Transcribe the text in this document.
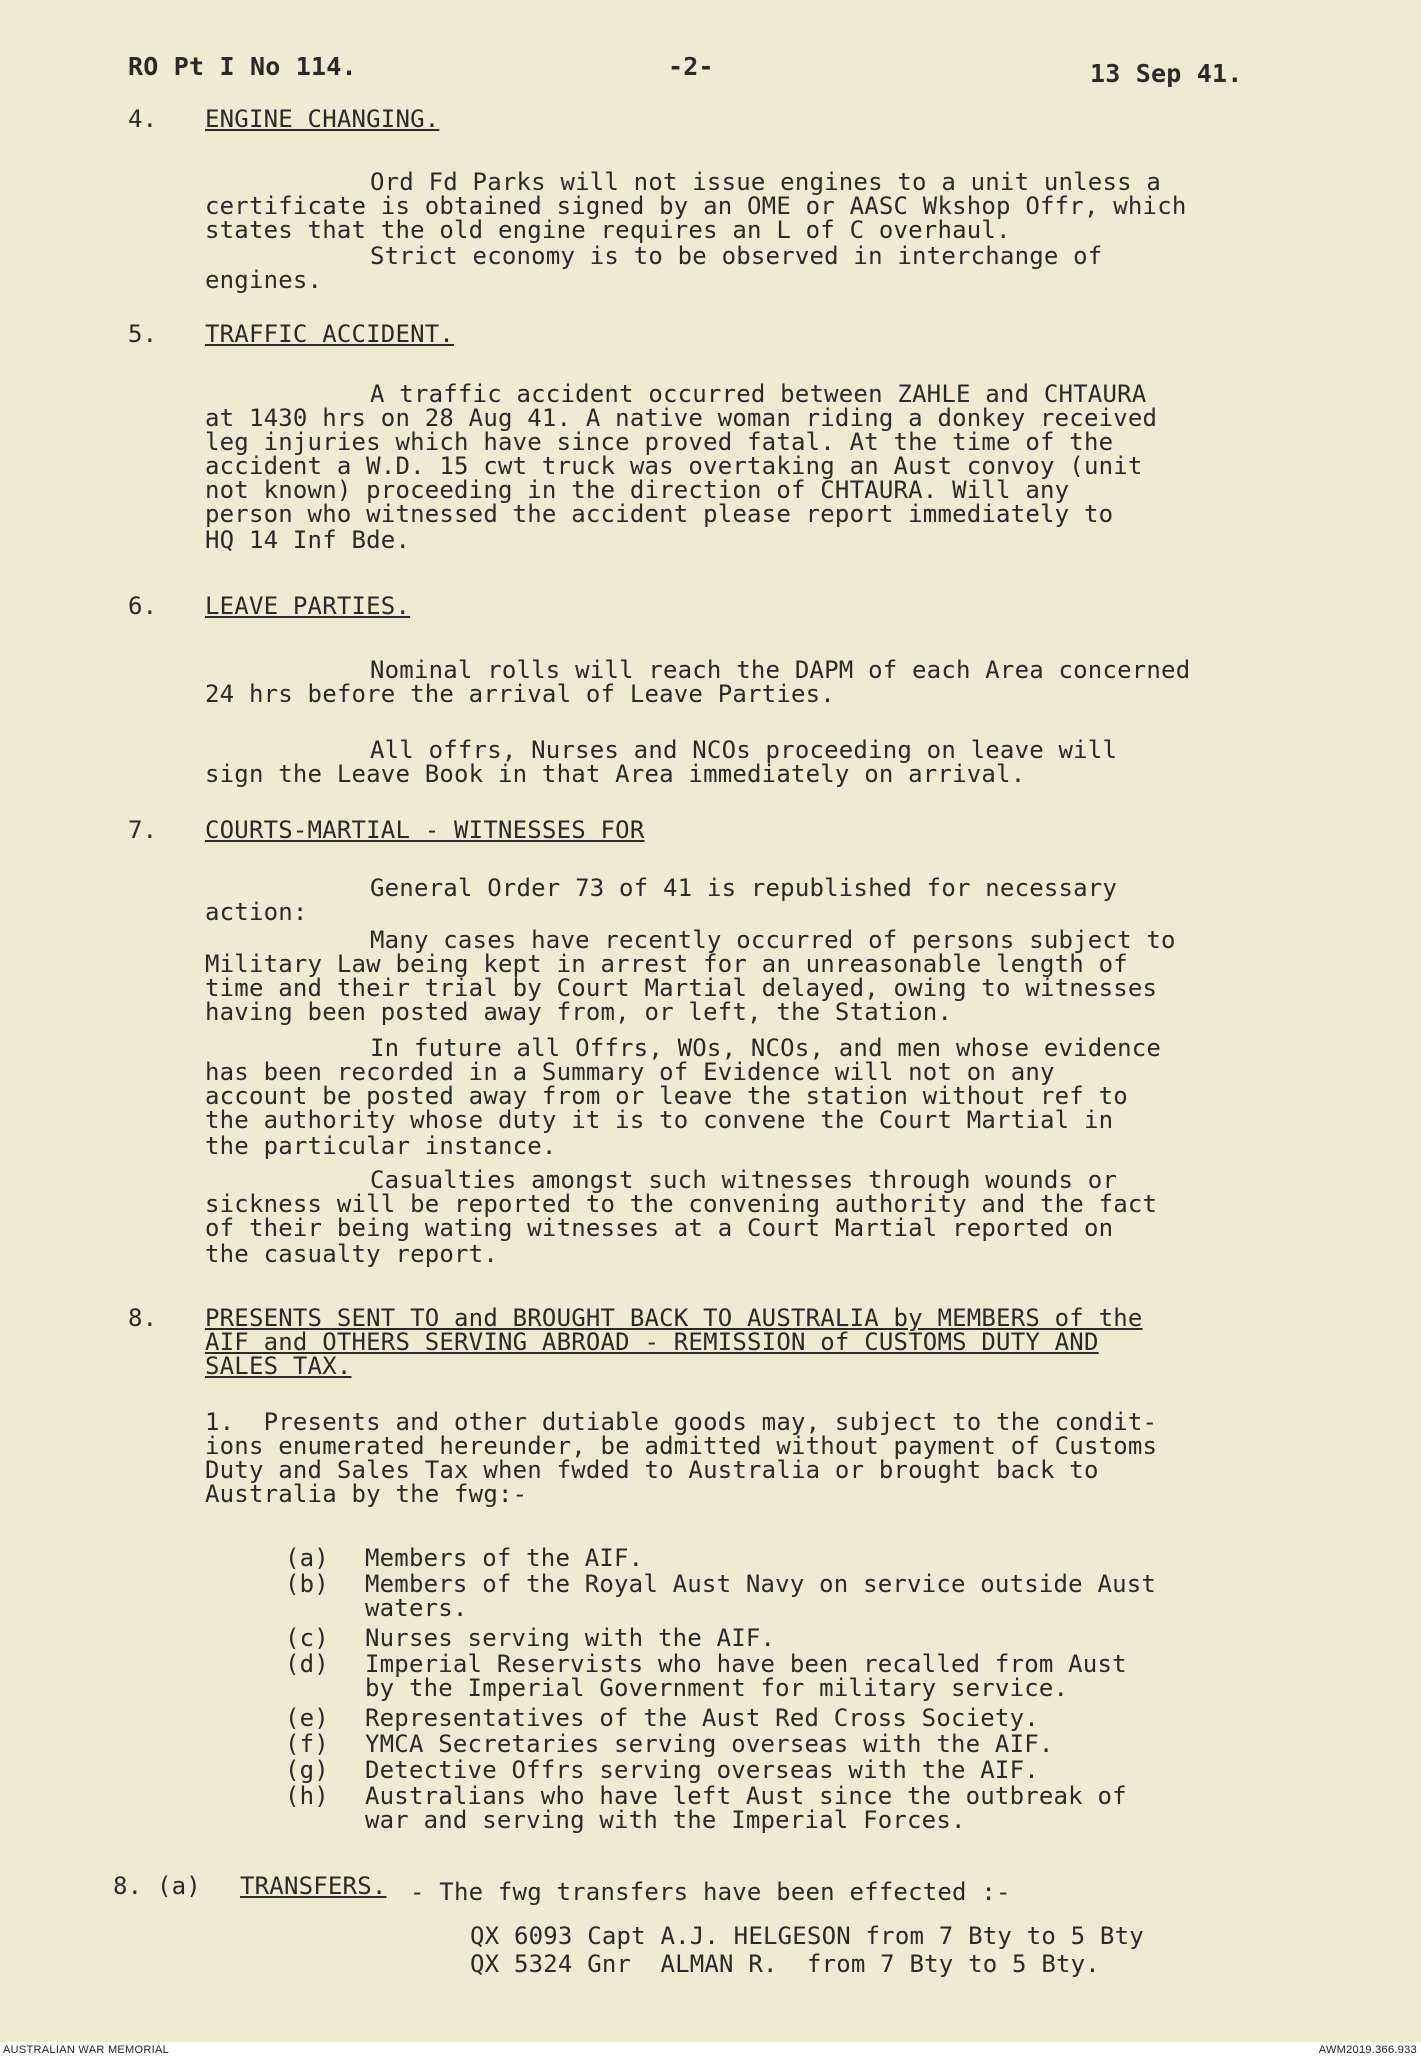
RO Pt I No 114.	-2-	13 Sep 41.
4. ENGINE CHANGING.
Ord Fd Parks will not issue engines to a unit unless a
certificate is obtained signed by an OME or AASC Wkshop Offr, which
states that the old engine requires an L of C overhaul.
Strict economy is to be observed in interchange of
engines.
5. TRAFFIC ACCIDENT.
A traffic accident occurred between ZAHLE and CHTAURA
at 1430 hrs on 28 Aug 41. A native woman riding a donkey received
leg injuries which have since proved fatal. At the time of the
accident a W.D. 15 cwt truck was overtaking an Aust convoy (unit
not known) proceeding in the direction of CHTAURA. Will any
person who witnessed the accident please report immediately to
HQ 14 Inf Bde.
6. LEAVE PARTIES.
Nominal rolls will reach the DAPM of each Area concerned
24 hrs before the arrival of Leave Parties.
All offrs, Nurses and NCOs proceeding on leave will
sign the Leave Book in that Area immediately on arrival.
7. COURTS-MARTIAL - WITNESSES FOR
General Order 73 of 41 is republished for necessary
action:
Many cases have recently occurred of persons subject to
Military Law being kept in arrest for an unreasonable length of
time and their trial by Court Martial delayed, owing to witnesses
having been posted away from, or left, the Station.
In future all Offrs, WOs, NCOs, and men whose evidence
has been recorded in a Summary of Evidence will not on any
account be posted away from or leave the station without ref to
the authority whose duty it is to convene the Court Martial in
the particular instance.
Casualties amongst such witnesses through wounds or
sickness will be reported to the convening authority and the fact
of their being wating witnesses at a Court Martial reported on
the casualty report.
8. PRESENTS SENT TO and BROUGHT BACK TO AUSTRALIA by MEMBERS of the
AIF and OTHERS SERVING ABROAD - REMISSION of CUSTOMS DUTY AND
SALES TAX.
1.  Presents and other dutiable goods may, subject to the condit-
ions enumerated hereunder, be admitted without payment of Customs
Duty and Sales Tax when fwded to Australia or brought back to
Australia by the fwg:-
(a) Members of the AIF.
(b) Members of the Royal Aust Navy on service outside Aust
waters.
(c) Nurses serving with the AIF.
(d) Imperial Reservists who have been recalled from Aust
by the Imperial Government for military service.
(e) Representatives of the Aust Red Cross Society.
(f) YMCA Secretaries serving overseas with the AIF.
(g) Detective Offrs serving overseas with the AIF.
(h) Australians who have left Aust since the outbreak of
war and serving with the Imperial Forces.
8. (a) TRANSFERS. - The fwg transfers have been effected :-
QX 6093 Capt A.J. HELGESON from 7 Bty to 5 Bty
QX 5324 Gnr  ALMAN R.  from 7 Bty to 5 Bty.
AUSTRALIAN WAR MEMORIAL	AWM2019.366.933
